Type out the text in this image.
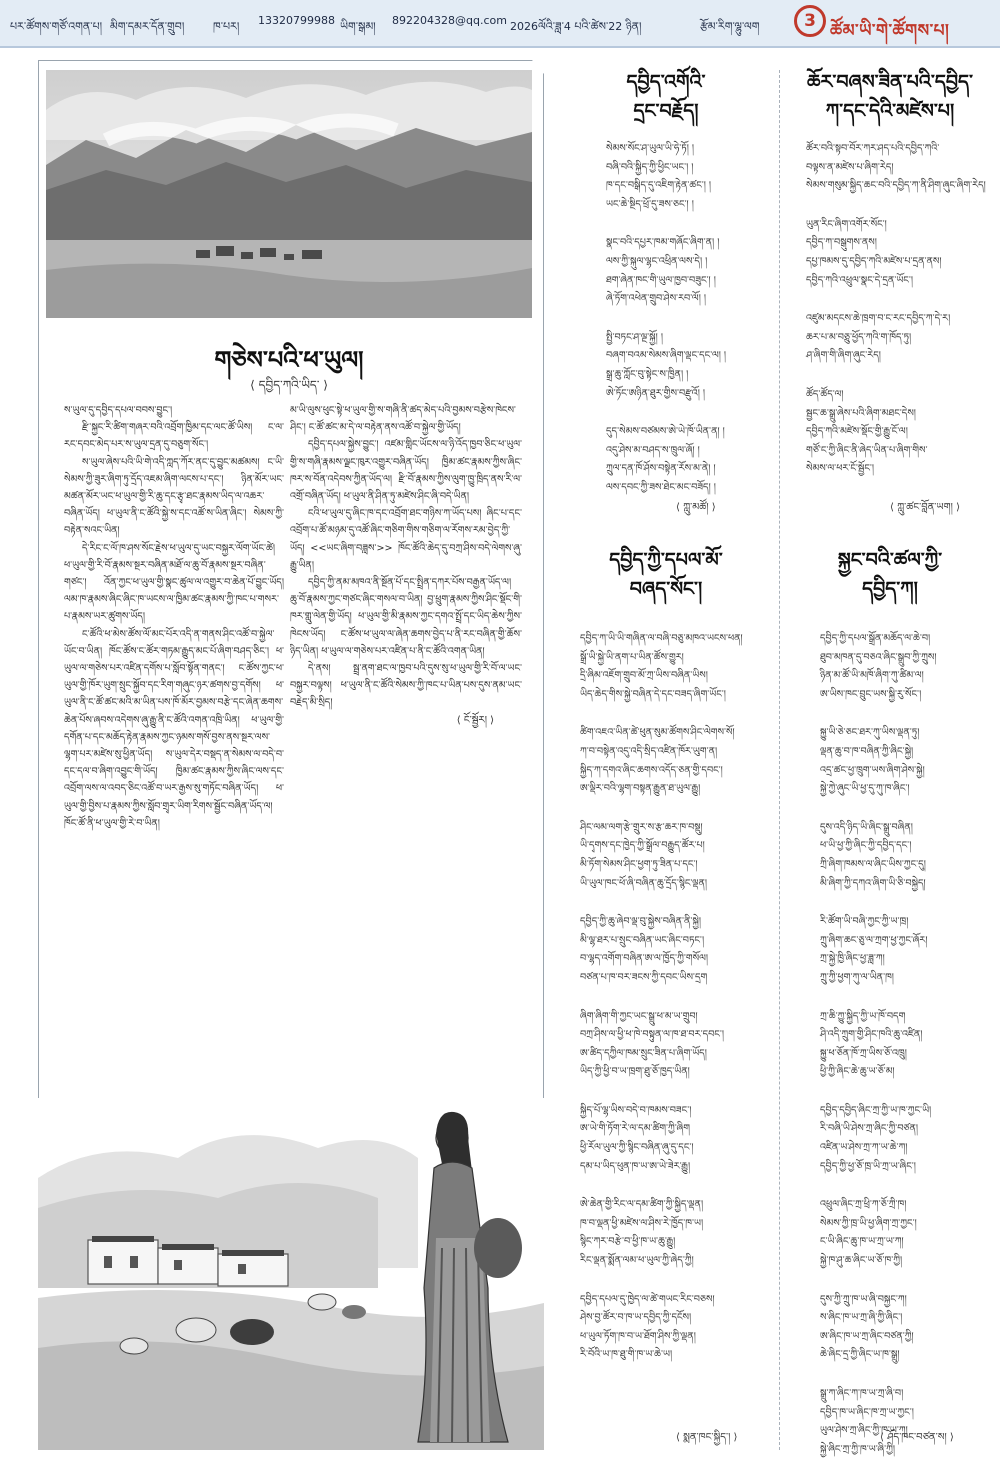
པར་ཚོགས་གཙོ་འགན་པ། མིག་དམར་དོན་གྲུབ།	ཁ་པར། 13320799988 ཡིག་སྒམ། 892204328@qq.com 2026ལོའི་ཟླ་4 པའི་ཚེས་22 ཉིན།	རྩོམ་རིག་ལྷུ་ལག	3 ཚོམ་ཡི་གེ་ཚོགས་པ།
གཅེས་པའི་ཕ་ཡུལ།
⟨ དབྱིད་ཀའི་ཡིད་ ⟩

ས་ཡུལ་དུ་དབྱིད་དཔལ་བབས་བྱུང་།

རྫི་སྐྱང་རི་ཚིག་གཞར་བའི་འབྲོག་ཁྱིམ་དང་ལང་ཚོ་ཡིས། ང་ལ་རང་དབང་མེད་པར་ས་ཡུལ་དྲན་དུ་བཅུག་སོང་།

ས་ཡུལ་ཞེས་པའི་ཡི་གེ་འདི་ཀླད་ཀོར་ནང་དུ་བྱུང་མཚམས། ང་ཡི་སེམས་ཀྱི་ཟུར་ཞིག་ཏུ་དྲོད་འཇམ་ཞིག་ལངས་པ་དང་། ཉིན་མོར་ཡང་མཚན་མོར་ཡང་ཕ་ཡུལ་གྱི་རི་ཆུ་དང་རྩྭ་ཐང་རྣམས་ཡིད་ལ་འཆར་བཞིན་ཡོད། ཕ་ཡུལ་ནི་ང་ཚོའི་སྐྱེ་ས་དང་འཚོ་ས་ཡིན་ཞིང་། སེམས་ཀྱི་བརྟེན་སའང་ཡིན།

དེ་རིང་ང་ལོ་ཁ་ཤས་སོང་རྗེས་ཕ་ཡུལ་དུ་ཡང་བསྐྱར་ལོག་ཡོང་ཚེ། ཕ་ཡུལ་གྱི་རི་བོ་རྣམས་སྔར་བཞིན་མཐོ་ལ་ཆུ་བོ་རྣམས་སྔར་བཞིན་གཙང་། འོན་ཀྱང་ཕ་ཡུལ་གྱི་སྣང་ཚུལ་ལ་འགྱུར་བ་ཆེན་པོ་བྱུང་ཡོད། ལམ་ཁ་རྣམས་ཞིང་ཞིང་ཁ་ཡངས་ལ་ཁྱིམ་ཚང་རྣམས་ཀྱི་ཁང་པ་གསར་པ་རྣམས་ཡར་ཚུགས་ཡོད།

ང་ཚོའི་ཕ་མེས་ཚོས་ལོ་མང་པོར་འདི་ན་གནས་ཤིང་འཚོ་བ་སྐྱེལ་ཡོང་བ་ཡིན། ཁོང་ཚོས་ང་ཚོར་གཏམ་རྒྱུད་མང་པོ་ཞིག་བཤད་ཅིང་། ཕ་ཡུལ་ལ་གཅེས་པར་འཛིན་དགོས་པ་སློབ་སྟོན་གནང་། ང་ཚོས་ཀྱང་ཕ་ཡུལ་གྱི་ཁོར་ཡུག་སྲུང་སྐྱོབ་དང་རིག་གཞུང་ཉར་ཚགས་བྱ་དགོས། ཕ་ཡུལ་ནི་ང་ཚོ་ཚང་མའི་མ་ཡིན་པས་ཁོ་མོར་བྱམས་བརྩེ་དང་ཞེན་ཆགས་ཆེན་པོས་ཞབས་འདེགས་ཞུ་རྒྱུ་ནི་ང་ཚོའི་འགན་འཁྲི་ཡིན། ཕ་ཡུལ་གྱི་དགོན་པ་དང་མཆོད་རྟེན་རྣམས་ཀྱང་ཉམས་གསོ་བྱས་ནས་སྔར་ལས་ལྷག་པར་མཛེས་སུ་ཕྱིན་ཡོད། ས་ཡུལ་དེར་བསྡད་ན་སེམས་ལ་བདེ་བ་དང་དལ་བ་ཞིག་འབྱུང་གི་ཡོད། ཁྱིམ་ཚང་རྣམས་ཀྱིས་ཞིང་ལས་དང་འབྲོག་ལས་ལ་འབད་ཅིང་འཚོ་བ་ཡར་རྒྱས་སུ་གཏོང་བཞིན་ཡོད། ཕ་ཡུལ་གྱི་བྱིས་པ་རྣམས་ཀྱིས་སློབ་གྲྭར་ཡིག་རིགས་སྦྱོང་བཞིན་ཡོད་ལ། ཁོང་ཚོ་ནི་ཕ་ཡུལ་གྱི་རེ་བ་ཡིན།

མ་ཡི་ལུས་ཕུང་སྟེ་ཕ་ཡུལ་གྱི་ས་གཞི་ནི་ཚད་མེད་པའི་བྱམས་བརྩེས་ཁེངས་ཤིང་། ང་ཚོ་ཚང་མ་དེ་ལ་བརྟེན་ནས་འཚོ་བ་སྐྱེལ་གྱི་ཡོད།

དབྱིད་དཔལ་སྐྱེས་བྱུང་། འཛམ་གླིང་ཡོངས་ལ་ཉི་འོད་ཁྱབ་ཅིང་ཕ་ཡུལ་གྱི་ས་གཞི་རྣམས་ལྗང་ཁུར་འགྱུར་བཞིན་ཡོད། ཁྱིམ་ཚང་རྣམས་ཀྱིས་ཞིང་ཁར་ས་བོན་འདེབས་ཀྱིན་ཡོད་ལ། རྫི་བོ་རྣམས་ཀྱིས་ལུག་ཁྱུ་ཁྲིད་ནས་རི་ལ་འགྲོ་བཞིན་ཡོད། ཕ་ཡུལ་ནི་ཤིན་ཏུ་མཛེས་ཤིང་ཞི་བདེ་ཡིན།

ངའི་ཕ་ཡུལ་དུ་ཞིང་ཁ་དང་འབྲོག་ཐང་གཉིས་ཀ་ཡོད་པས། ཞིང་པ་དང་འབྲོག་པ་ཚོ་མཉམ་དུ་འཚོ་ཞིང་གཅིག་གིས་གཅིག་ལ་རོགས་རམ་བྱེད་ཀྱི་ཡོད། <<ཡང་ཞིག་བཟླས་>> ཁོང་ཚོའི་ཆེད་དུ་བཀྲ་ཤིས་བདེ་ལེགས་ཞུ་རྒྱུ་ཡིན།

དབྱིད་ཀྱི་ནམ་མཁའ་ནི་སྔོན་པོ་དང་སྤྲིན་དཀར་པོས་བརྒྱན་ཡོད་ལ། ཆུ་བོ་རྣམས་ཀྱང་གཙང་ཞིང་གསལ་བ་ཡིན། བྱ་ཕྲུག་རྣམས་ཀྱིས་ཤིང་སྡོང་གི་ཁར་གླུ་ལེན་གྱི་ཡོད། ཕ་ཡུལ་གྱི་མི་རྣམས་ཀྱང་དགའ་སྤྲོ་དང་ཡིད་ཆེས་ཀྱིས་ཁེངས་ཡོད། ང་ཚོས་ཕ་ཡུལ་ལ་ཞེན་ཆགས་བྱེད་པ་ནི་རང་བཞིན་གྱི་ཆོས་ཉིད་ཡིན། ཕ་ཡུལ་ལ་གཅེས་པར་འཛིན་པ་ནི་ང་ཚོའི་འགན་ཡིན།

དེ་ནས། སྦྲ་ནག་ཐང་ལ་ཁྱབ་པའི་དུས་སུ་ཕ་ཡུལ་གྱི་རི་བོ་ལ་ཡང་བསྐྱར་བལྟས། ཕ་ཡུལ་ནི་ང་ཚོའི་སེམས་ཀྱི་ཁང་པ་ཡིན་པས་དུས་ནམ་ཡང་བརྗེད་མི་སྲིད།

⟨ ངོ་སྦྱོར། ⟩

དབྱིད་འགོའི་
དྲང་བརྗོད།
སེམས་སོང་ཤ་ཡུལ་ཡི་ཧེ་ཏོ། །
བཞི་བའི་སྐྱིད་ཀྱི་ཕྱིང་ཡང་། །
ཁ་དང་བསྒིད་དུ་འཇིག་རྟེན་ཚང་། །
ཡང་ཆེ་སྔིད་ཕྲོ་དུ་ཟས་ཅང་། །
སྣང་བའི་དཔྱར་ཁམ་གཞོང་ཞིག་ན། །
ལས་ཀྱི་སྐུལ་ལྷང་འཕྲིན་ལས་དེ། །
ཐག་ཞེན་ཁང་གི་ཡུལ་ཁྱབ་བཟུང་། །
ཞེ་ཏོག་འཕེན་གྲུབ་ཤེས་རབ་ལོ། །
སྤྱི་བཏང་ཤ་ལྔ་སྐྱོ། །
བཞག་བའམ་སེམས་ཞིག་ལྡང་དང་ལ། །
སྒྲ་ཆུ་ཀློང་བུ་སྟེང་ས་ཁྱིན། །
ཨེ་ཏོང་ཨཉིན་ཐུར་གྱིས་བརྫུའོ། །
དུད་སེམས་བཙམས་ཨེ་ཡེ་ཁོ་ཡིན་ན། །
འདུ་ཤེས་མ་བཤད་ས་ཁྲུལ་ཞོ། །
ཀྲུལ་དན་ཁོ་ཤོས་བསྟེན་རོས་མ་ནེ། །
ལས་དབང་ཀྱི་ཟས་ཐེང་མང་བཟོད། །
⟨ ཀླུ་མཚོ། ⟩
ཆོར་བཞས་ཟིན་པའི་དབྱིད་
ཀ་དང་དེའི་མཛེས་པ།
ཚོར་བའི་སྟབ་བོར་ཀར་ཤད་པའི་དབྱིད་ཀའི་
བལྟས་ན་མཛེས་པ་ཞིག་རེད།
སེམས་གསུམ་སྐྱིད་ཆང་བའི་དབྱིད་ཀ་ནི་ཤིག་ཞུང་ཞིག་རེད།
ཡུན་རིང་ཞིག་འགོར་སོང་།
དབྱིད་ཀ་བསྒུགས་ནས།
དཔྱ་ཁམས་དུ་དབྱིད་ཀའི་མཛེས་པ་དྲན་ནས།
དབྱིད་ཀའི་འཕྲུལ་སྣང་དེ་དྲན་ཡོང་།
འཛུམ་མདངས་ཆེ་ཁྲག་བ་ང་རང་དབྱིད་ཀ་དེ་ར།
ཆར་པ་མ་བཅྲུ་ཕྱོད་ཀའི་ག་ཁོད་ཏུ།
ཤ་ཞིག་གི་ཞིག་ཞུང་རེད།
ཚོད་ཚོད་ལ།
སྦྱང་ཆ་སྒྲུ་ཞེས་པའི་ཞིག་མཐང་དེས།
དབྱིད་ཀའི་མཛེས་སྡོང་གྱི་རྒྱུ་ངོ་ལ།
གཙོ་ང་ཀྱི་ཞིང་ནི་ཞེད་ཡིན་པ་ཞིག་གིས་
སེམས་ལ་ཕར་ངོ་སྦྱོང་།
⟨ ཀླུ་ཚང་བློན་ཡག། ⟩
དབྱིད་ཀྱི་དཔལ་མོ་
བཞད་སོང་།
དབྱིད་ཀ་ཡི་ཡི་གཞིན་ལ་བཞི་བཅུ་མཁའ་ཡངས་ཕན།
སྒྲོ་ཡི་སྐྱེ་ཡི་ནག་པ་ཡིན་ཚོས་གྱུར།
དྲི་ཞིམ་འཇོག་གྲུབ་མོ་ཀྲ་ཡིས་བཞིན་ཡིས།
ཡིད་ཆེད་གིས་སྐྱེ་བཞིན་དེ་དང་བཟད་ཞིག་ཡོང་།
ཚིག་འཇའ་ཡིན་ཚེ་ཕུན་སུམ་ཚོགས་ཤིང་ལེགས་སོ།
ཀ་བ་བསྟེན་འདུ་འདི་སྲིད་འཛིན་ཁོར་ཡུག་ན།
སྐྱིད་ཀ་དགའ་ཞིང་ཆགས་འདོད་ཅན་གྱི་དབང་།
ཨ་ལྡིར་བའི་ལྷག་བསྟན་རྒྱུན་ཐ་ཡུལ་རྒྱུ།
ཤིང་ལམ་ལག་རྩེ་གྲུར་ས་རྩ་ཆར་ཁ་བསྡུ།
ཡི་དྭགས་དང་ཁྱེད་ཀྱི་སྒྲོལ་བརྒྱུད་ཚོར་པ།
མི་ཏོག་སེམས་ཤིང་ཕྱག་ཏུ་ཟིན་པ་དང་།
ཡི་ཡུལ་ཁང་ཕོ་ཞི་བཞིན་ཆུ་དྲོད་སྙིང་ལྡན།
དབྱིད་ཀྱི་ཆུ་ཞེབ་ལྡ་བུ་སྐྱེས་བཞིན་ནི་སྐྱེ།
མི་ལྷ་ཐར་པ་སྲུང་བཞིན་ཡང་ཞིང་བཏང་།
བ་ལྷད་འགོག་བཞིན་ཨ་ལ་ཁྱོད་ཀྱི་གསོལ།
བཙན་པ་ཁ་བར་ཟངས་ཀྱི་དབང་ཡིས་དྲག
ཞིག་ཞིག་གི་ཀྱང་ཡང་སྒྲུ་ཕ་མ་ཡ་གྲུབ།
བཀྲ་ཤིས་ལ་ཕྱི་ཕ་ཁེ་བསྟུན་ལ་ཁ་ཐ་བར་དབང་།
ཨ་ཚིད་དཀྱིལ་ཁམ་སྲུང་ཟིན་པ་ཞིག་ཡོད།
ཡིད་ཀྱི་ཕྱི་བ་ཡ་ཁྲག་ཐུ་ཅོ་ཁྱད་ཡིན།
སྐྱིད་པོ་ལྷ་ཡིས་བདེ་བ་ཁམས་བཟང་།
ཨ་ཡེ་གི་ཏོག་རེ་ལ་དམ་ཚིག་ཀྱི་ཞིག
ཕྱི་རོལ་ཡུལ་ཀྱི་སྙིང་བཞིན་ཞུ་དུ་དང་།
དམ་པ་ཡིད་ཕུན་ཁ་ཡ་ཨ་ཡེ་ཟེར་རྒྱུ།
ཨེ་ཆེན་གྱི་རིང་ལ་དམ་ཚིག་ཀྱི་སྐྱིད་ལྡན།
ཁ་བ་ལྡན་ཕྱི་མཛེས་ལ་ཤིས་རེ་ཁྱོད་ཁ་ཡ།
སྙིང་ཀར་བརྩེ་བ་ཕྱི་ཁ་ཡ་ཆུ་རྒྱུ།
རིང་ལྡན་སྨོན་ལམ་ཕ་ཡུལ་ཀྱི་ཞེད་ཀྱི།
དབྱིད་དཔལ་དུ་ཁྱེད་ལ་ཚེ་གཡང་རིང་བཅས།
ཤེས་བྱ་ཚོར་བ་ཁ་ཡ་དབྱིད་ཀྱི་དངོས།
ཕ་ཡུལ་ཏོག་ཁ་བ་ཡ་ཐོག་ཤིས་ཀྱི་ལྡན།
རི་བོའི་ཡ་ཁ་ཐུ་གི་ཁ་ཡ་ཆེ་ཡ།
⟨ སྨན་ཁང་སྐྱིད་། ⟩
སྐྱང་བའི་ཚལ་ཀྱི་
དབྱིད་ཀ།
དབྱིད་ཀྱི་དཔལ་སྒྲོན་མཆོད་ལ་ཆེ་བ།
ཐུབ་མཁན་དུ་བཅའ་ཞིང་སྒྲུབ་ཀྱི་ཀྲུས།
ཉིན་མ་ཚོ་ཡི་མཁོ་ཞིག་ཀུ་ཚིམ་ལ།
ཨ་ཡིས་ཁང་བྲུང་ཡས་སྐྱི་རུ་སོང་།
སྐྱུ་ཡི་ཅེ་ཅང་ཐར་ཀུ་ཡིས་ལྡན་ཏུ།
ལྡན་ཆུ་བ་ཁ་བཞིན་ཀྱི་ཞིང་སྐྱེ།
འདྲ་ཚང་ཕྱ་ཁྲུག་ཡས་ཞིག་ཤེས་སྐྱེ།
སྐྱེ་ཀྱེ་ཞུང་ཡི་ཕྱ་དུ་ཀུ་ཁ་ཞིང་།
དུས་འདི་ཉིད་ཡི་ཞིང་སྒྲུ་བཞིན།
ཕ་ཡི་ཕྱ་ཀྱི་ཞིང་ཀྱི་དབྱིད་དང་།
ཀྲི་ཞིག་ཁམས་ལ་ཞིང་ཡིས་ཀྱང་དུ།
མི་ཞིག་ཀྱི་དཀའ་ཞིག་ཡི་ཅི་བསྐྱེད།
རི་ཚོག་ཡི་བཞི་ཀྱང་ཀྱི་ཡ་ཁྲ།
ཀྲུ་ཞིག་ཆང་ཅུ་ལ་ཀྲག་ཕྱ་ཀྱང་ཞོར།
ཀྲ་སྐྱེ་ཁྱི་ཞིང་ཕྱ་ཟླ་ཀ།
ཀྲུ་ཀྱི་ཕྱག་ཀུ་ལ་ཡིན་ཁ།
ཀྲ་ཆི་ཀྱུ་སྐྱིད་ཀྱི་ཡ་ཁོ་བདག
ཤི་འདི་ཀྲུག་གྱི་ཤིང་ཁའི་ཆུ་འཛིན།
སྐྱུ་ཕ་ཅོན་ཁོ་ཀྲ་ཡིས་ཅོ་འཁྲུ།
ཕྱི་ཀྱི་ཞིང་ཆེ་ཆུ་ཡ་ཅོ་མ།
དབྱིད་དབྱིད་ཞིང་ཀྲ་ཀྱི་ཡ་ཁ་ཀྱང་ཡི།
རི་བཞི་ཡི་ཤེས་ཀྲ་ཞིང་ཀྱི་བཙན།
འཛིན་ཡ་ཤེས་ཀྲ་ཀ་ཡ་ཆེ་ཀ།
དབྱིད་ཀྱི་ཕྱ་ཅོ་ཁྲ་ཡི་ཀྲ་ཡ་ཞིང་།
འཕྲུལ་ཞིང་ཀྲ་ཕྲི་ཀ་ཅོ་ཀྲི་ཁ།
སེམས་ཀྱི་ཁྲ་ཡི་ཕྱ་ཞིག་ཀྲ་ཀྱང་།
ང་ཡི་ཞིང་ཆུ་ཁ་ཡ་ཀྲ་ཡ་ཀ།
སྐྱེ་ཁ་ཤུ་ཆ་ཞིང་ཡ་ཅོ་ཁ་ཀྱི།
དུས་ཀྱི་ཀྲུ་ཁ་ཡ་ཞི་བསྐྱང་ཀ།
ས་ཞིང་ཁ་ཡ་ཀྲ་ཞི་ཀྱི་ཞིང་།
ཨ་ཞིང་ཁ་ཡ་ཀྲ་ཞིང་བཙན་ཀྱི།
ཆེ་ཞིང་དྲ་ཀྱི་ཞིང་ཡ་ཁ་སྒྲུ།
སྒྲུ་ཀ་ཞིང་ཀ་ཁ་ཡ་ཀྲ་ཞི་བ།
དབྱིད་ཁ་ཡ་ཞིང་ཁ་ཀྲ་ཡ་ཀྱང་།
ཡུལ་ཤེས་ཀྲ་ཞིང་ཀྱི་ཁ་ཡ་ཀ།
སྐྱེ་ཞིང་ཀྲ་ཀྱི་ཁ་ཡ་ཞི་ཀྱི།
⟨ ཤོད་ཁང་བཙན་ས། ⟩
